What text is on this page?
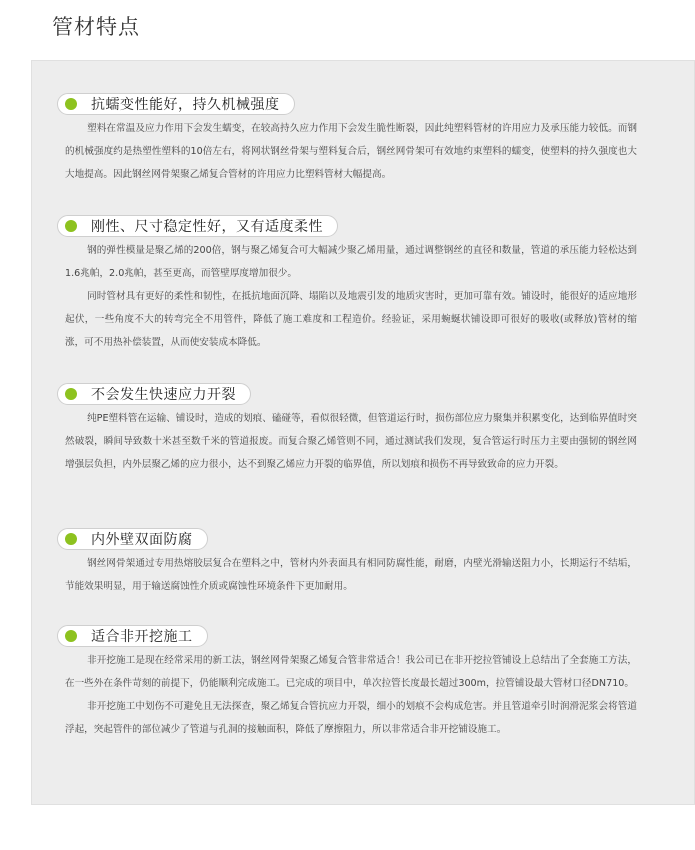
管材特点
抗蠕变性能好，持久机械强度

塑料在常温及应力作用下会发生蠕变，在较高持久应力作用下会发生脆性断裂，因此纯塑料管材的许用应力及承压能力较低。而钢的机械强度约是热塑性塑料的10倍左右，将网状钢丝骨架与塑料复合后，钢丝网骨架可有效地约束塑料的蠕变，使塑料的持久强度也大大地提高。因此钢丝网骨架聚乙烯复合管材的许用应力比塑料管材大幅提高。

刚性、尺寸稳定性好，又有适度柔性

钢的弹性模量是聚乙烯的200倍，钢与聚乙烯复合可大幅减少聚乙烯用量，通过调整钢丝的直径和数量，管道的承压能力轻松达到1.6兆帕，2.0兆帕，甚至更高，而管壁厚度增加很少。

同时管材具有更好的柔性和韧性，在抵抗地面沉降、塌陷以及地震引发的地质灾害时，更加可靠有效。铺设时，能很好的适应地形起伏，一些角度不大的转弯完全不用管件，降低了施工难度和工程造价。经验证，采用蜿蜒状铺设即可很好的吸收(或释放)管材的缩涨，可不用热补偿装置，从而使安装成本降低。

不会发生快速应力开裂

纯PE塑料管在运输、铺设时，造成的划痕、磕碰等，看似很轻微，但管道运行时，损伤部位应力聚集并积累变化，达到临界值时突然破裂，瞬间导致数十米甚至数千米的管道报废。而复合聚乙烯管则不同，通过测试我们发现，复合管运行时压力主要由强韧的钢丝网增强层负担，内外层聚乙烯的应力很小，达不到聚乙烯应力开裂的临界值，所以划痕和损伤不再导致致命的应力开裂。

内外壁双面防腐

钢丝网骨架通过专用热熔胶层复合在塑料之中，管材内外表面具有相同防腐性能，耐磨，内壁光滑输送阻力小，长期运行不结垢，节能效果明显，用于输送腐蚀性介质或腐蚀性环境条件下更加耐用。

适合非开挖施工

非开挖施工是现在经常采用的新工法，钢丝网骨架聚乙烯复合管非常适合！我公司已在非开挖拉管铺设上总结出了全套施工方法，在一些外在条件苛刻的前提下，仍能顺利完成施工。已完成的项目中，单次拉管长度最长超过300m，拉管铺设最大管材口径DN710。

非开挖施工中划伤不可避免且无法探查，聚乙烯复合管抗应力开裂，细小的划痕不会构成危害。并且管道牵引时润滑泥浆会将管道浮起，突起管件的部位减少了管道与孔洞的接触面积，降低了摩擦阻力，所以非常适合非开挖铺设施工。
